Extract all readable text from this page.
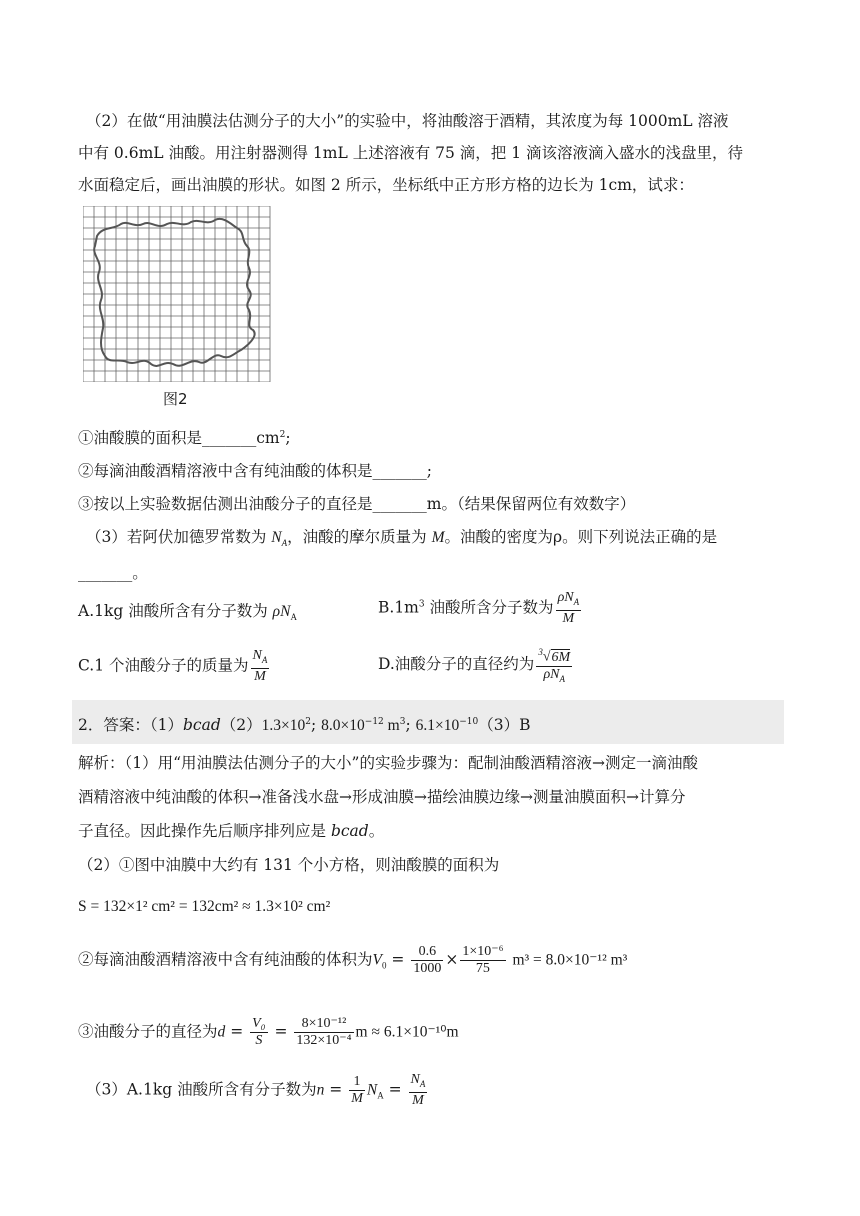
（2）在做“用油膜法估测分子的大小”的实验中，将油酸溶于酒精，其浓度为每 1000mL 溶液
中有 0.6mL 油酸。用注射器测得 1mL 上述溶液有 75 滴，把 1 滴该溶液滴入盛水的浅盘里，待
水面稳定后，画出油膜的形状。如图 2 所示，坐标纸中正方形方格的边长为 1cm，试求：
图2
①油酸膜的面积是$\_\_\_\_\_\_\_cm^2$;
②每滴油酸酒精溶液中含有纯油酸的体积是_______;
③按以上实验数据估测出油酸分子的直径是_______m。（结果保留两位有效数字）
（3）若阿伏加德罗常数为 $N_A$，油酸的摩尔质量为 M。油酸的密度为ρ。则下列说法正确的是
_______。
A.1kg 油酸所含有分子数为 $\rho N_A$
$B.1m^3$ 油酸所含分子数为 $\frac{\rho N_A}{M}$
C.1 个油酸分子的质量为 $\frac{N_A}{M}$	D.油酸分子的直径约为 $\frac{^3√6M}{\rho N_A}$
2．答案：$(1)bcad(2)1.3\times 10^2$; $8.0\times 10^{-12}$ $m^3$; $6.1\times 10^{-10}(3)B$
解析：（1）用“用油膜法估测分子的大小”的实验步骤为：配制油酸酒精溶液→测定一滴油酸
酒精溶液中纯油酸的体积→准备浅水盘→形成油膜→描绘油膜边缘→测量油膜面积→计算分
子直径。因此操作先后顺序排列应是 bcad。
（2）①图中油膜中大约有 131 个小方格，则油酸膜的面积为
S = 132×1² cm² = 132cm² ≈ 1.3×10² cm²
②每滴油酸酒精溶液中含有纯油酸的体积为$V_0 = \frac{0.6}{1000} \times \frac{\text{1×10⁻⁶}}{75} m^3 = 8.0\times 10^{-12}$ m³
③油酸分子的直径为$d = \frac{\text{V₀}}{S} = \frac{\text{8×10⁻¹²}}{\text{132×10⁻⁴}}$ m ≈ 6.1×10⁻¹⁰m
（3）A.1kg 油酸所含有分子数为$n = \frac{1}{M} N_A = \frac{N_A}{M}$
